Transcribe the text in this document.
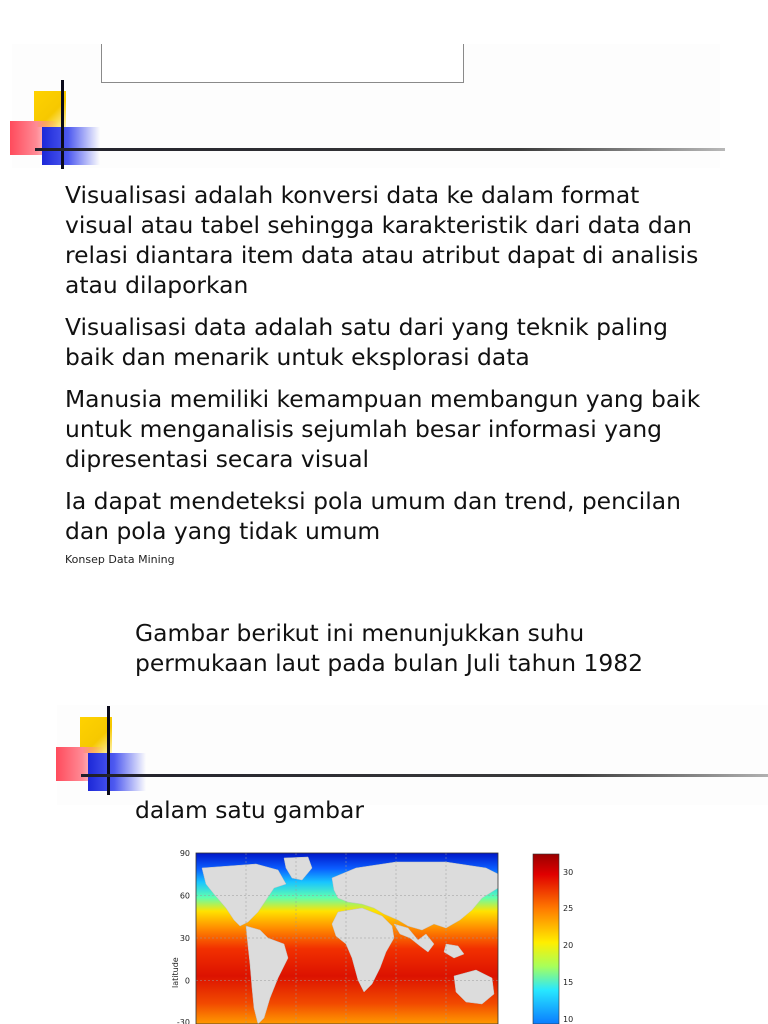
Visualisasi adalah konversi data ke dalam format visual atau tabel sehingga karakteristik dari data dan relasi diantara item data atau atribut dapat di analisis atau dilaporkan

Visualisasi data adalah satu dari yang teknik paling baik dan menarik untuk eksplorasi data

Manusia memiliki kemampuan membangun yang baik untuk menganalisis sejumlah besar informasi yang dipresentasi secara visual

Ia dapat mendeteksi pola umum dan trend, pencilan dan pola yang tidak umum

Konsep Data Mining
Gambar berikut ini menunjukkan suhu permukaan laut pada bulan Juli tahun 1982
dalam satu gambar
90
60
30
0
-30
latitude
30
25
20
15
10
